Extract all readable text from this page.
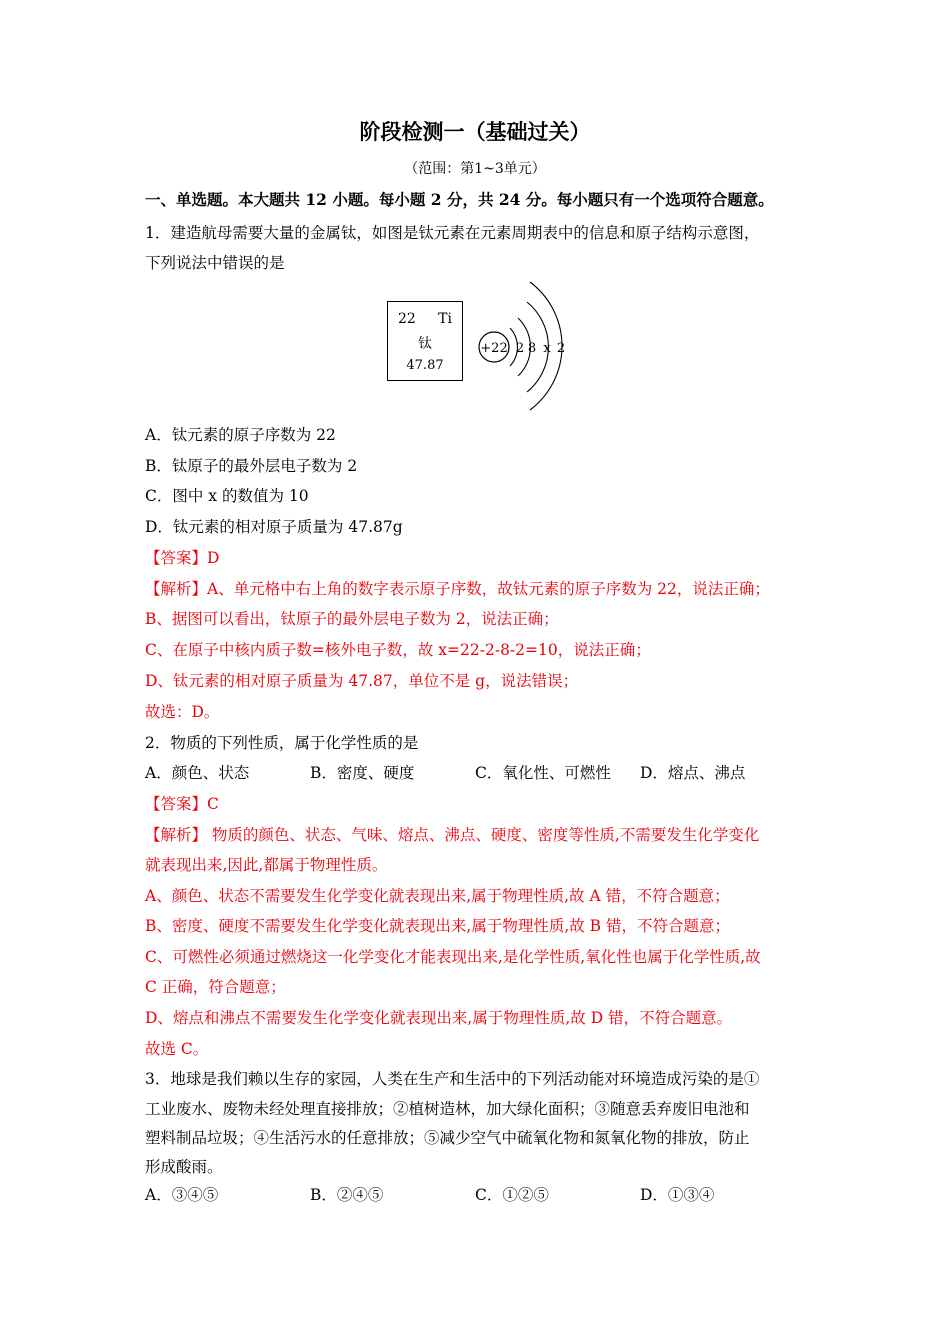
阶段检测一（基础过关）
（范围：第1~3单元）
一、单选题。本大题共 12 小题。每小题 2 分，共 24 分。每小题只有一个选项符合题意。
1．建造航母需要大量的金属钛，如图是钛元素在元素周期表中的信息和原子结构示意图，
下列说法中错误的是
22 Ti
钛
47.87
+22 2 8 x 2
A．钛元素的原子序数为 22
B．钛原子的最外层电子数为 2
C．图中 x 的数值为 10
D．钛元素的相对原子质量为 47.87g
【答案】D
【解析】A、单元格中右上角的数字表示原子序数，故钛元素的原子序数为 22，说法正确；
B、据图可以看出，钛原子的最外层电子数为 2，说法正确；
C、在原子中核内质子数=核外电子数，故 x=22-2-8-2=10，说法正确；
D、钛元素的相对原子质量为 47.87，单位不是 g，说法错误；
故选：D。
2．物质的下列性质，属于化学性质的是
A．颜色、状态	B．密度、硬度	C．氧化性、可燃性 D．熔点、沸点
【答案】C
【解析】 物质的颜色、状态、气味、熔点、沸点、硬度、密度等性质,不需要发生化学变化
就表现出来,因此,都属于物理性质。
A、颜色、状态不需要发生化学变化就表现出来,属于物理性质,故 A 错，不符合题意；
B、密度、硬度不需要发生化学变化就表现出来,属于物理性质,故 B 错，不符合题意；
C、可燃性必须通过燃烧这一化学变化才能表现出来,是化学性质,氧化性也属于化学性质,故
C 正确，符合题意；
D、熔点和沸点不需要发生化学变化就表现出来,属于物理性质,故 D 错，不符合题意。
故选 C。
3．地球是我们赖以生存的家园，人类在生产和生活中的下列活动能对环境造成污染的是①
工业废水、废物未经处理直接排放；②植树造林，加大绿化面积；③随意丢弃废旧电池和
塑料制品垃圾；④生活污水的任意排放；⑤减少空气中硫氧化物和氮氧化物的排放，防止
形成酸雨。
A．③④⑤	B．②④⑤	C．①②⑤	D．①③④
